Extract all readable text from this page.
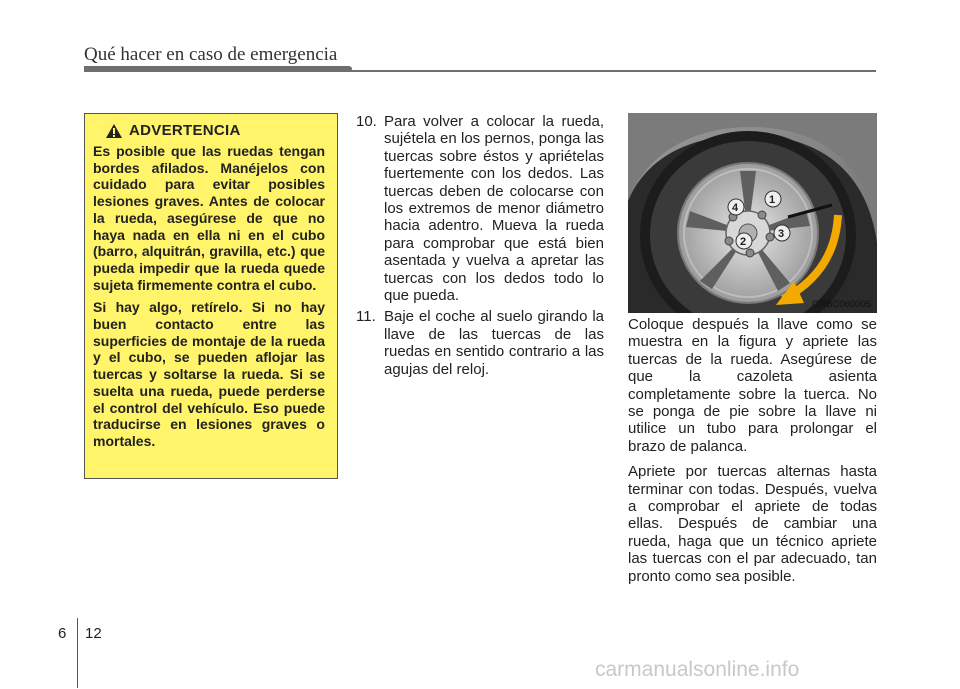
Qué hacer en caso de emergencia
ADVERTENCIA

Es posible que las ruedas tengan bordes afilados. Manéjelos con cuidado para evitar posibles lesiones graves. Antes de colocar la rueda, asegúrese de que no haya nada en ella ni en el cubo (barro, alquitrán, gravilla, etc.) que pueda impedir que la rueda quede sujeta firmemente contra el cubo.

Si hay algo, retírelo. Si no hay buen contacto entre las superficies de montaje de la rueda y el cubo, se pueden aflojar las tuercas y soltarse la rueda. Si se suelta una rueda, puede perderse el control del vehículo. Eso puede traducirse en lesiones graves o mortales.

10. Para volver a colocar la rueda, sujétela en los pernos, ponga las tuercas sobre éstos y apriételas fuertemente con los dedos. Las tuercas deben de colocarse con los extremos de menor diámetro hacia adentro. Mueva la rueda para comprobar que está bien asentada y vuelva a apretar las tuercas con los dedos todo lo que pueda.
11. Baje el coche al suelo girando la llave de las tuercas de las ruedas en sentido contrario a las agujas del reloj.
1
2
3
4
ORBC060005

Coloque después la llave como se muestra en la figura y apriete las tuercas de la rueda. Asegúrese de que la cazoleta asienta completamente sobre la tuerca. No se ponga de pie sobre la llave ni utilice un tubo para prolongar el brazo de palanca.

Apriete por tuercas alternas hasta terminar con todas. Después, vuelva a comprobar el apriete de todas ellas. Después de cambiar una rueda, haga que un técnico apriete las tuercas con el par adecuado, tan pronto como sea posible.

6 12
carmanualsonline.info
